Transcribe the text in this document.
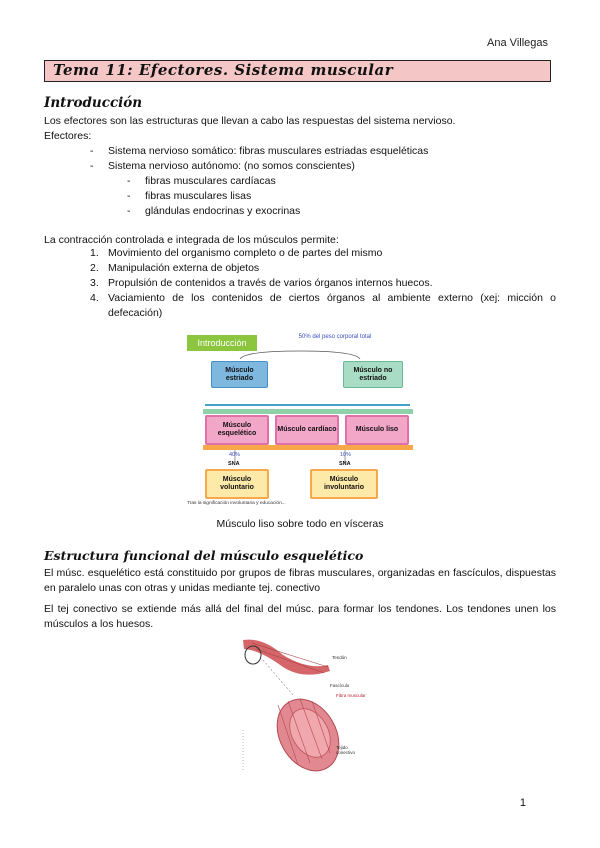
Ana Villegas
Tema 11: Efectores. Sistema muscular
Introducción
Los efectores son las estructuras que llevan a cabo las respuestas del sistema nervioso.
Efectores:
- Sistema nervioso somático: fibras musculares estriadas esqueléticas
- Sistema nervioso autónomo: (no somos conscientes)
- fibras musculares cardíacas
- fibras musculares lisas
- glándulas endocrinas y exocrinas
La contracción controlada e integrada de los músculos permite:
1. Movimiento del organismo completo o de partes del mismo
2. Manipulación externa de objetos
3. Propulsión de contenidos a través de varios órganos internos huecos.
4. Vaciamiento de los contenidos de ciertos órganos al ambiente externo (xej: micción o defecación)
Introducción
50% del peso corporal total
Músculo estriado
Músculo no estriado
Músculo esquelético
Músculo cardíaco	Músculo liso
40%	10%
SNA	SNA
Músculo voluntario
Músculo involuntario
Tras la significación involuntaria y educación...
Músculo liso sobre todo en vísceras
Estructura funcional del músculo esquelético
El músc. esquelético está constituido por grupos de fibras musculares, organizadas en fascículos, dispuestas en paralelo unas con otras y unidas mediante tej. conectivo
El tej conectivo se extiende más allá del final del músc. para formar los tendones. Los tendones unen los músculos a los huesos.
Tendón
Fascículo
Fibra muscular
Tejido conectivo
1
